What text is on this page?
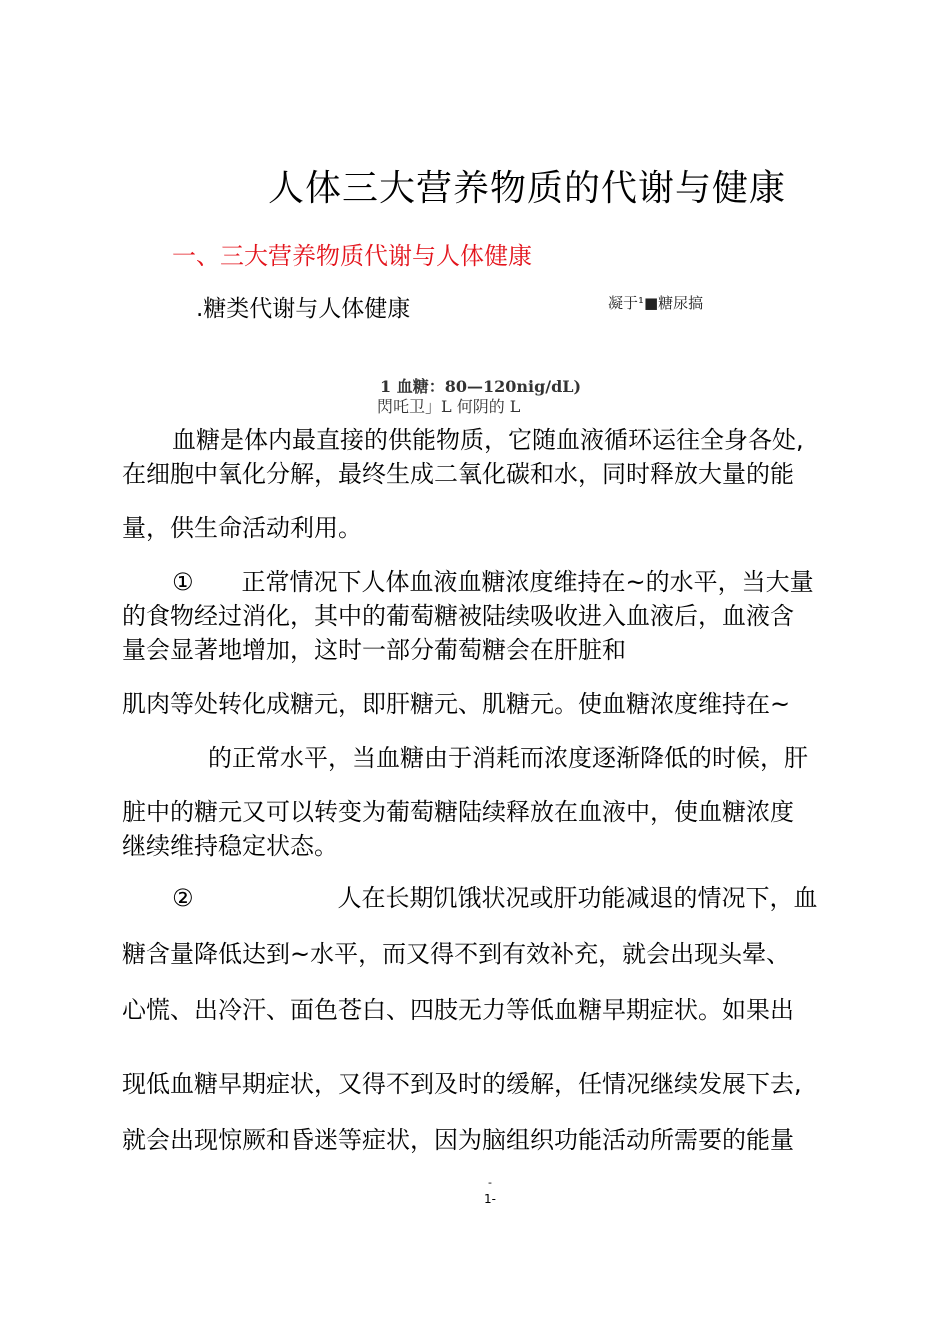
人体三大营养物质的代谢与健康
一、三大营养物质代谢与人体健康
.糖类代谢与人体健康	凝于¹■糖尿搞
1 血糖：80—120nig/dL)
閃吒卫」L 何阴的 L
血糖是体内最直接的供能物质，它随血液循环运往全身各处,
在细胞中氧化分解，最终生成二氧化碳和水，同时释放大量的能
量，供生命活动利用。
①　　正常情况下人体血液血糖浓度维持在~的水平，当大量
的食物经过消化，其中的葡萄糖被陆续吸收进入血液后，血液含
量会显著地增加，这时一部分葡萄糖会在肝脏和
肌肉等处转化成糖元，即肝糖元、肌糖元。使血糖浓度维持在~
的正常水平，当血糖由于消耗而浓度逐渐降低的时候，肝
脏中的糖元又可以转变为葡萄糖陆续释放在血液中，使血糖浓度
继续维持稳定状态。
②　　　　　　人在长期饥饿状况或肝功能减退的情况下，血
糖含量降低达到~水平，而又得不到有效补充，就会出现头晕、
心慌、出冷汗、面色苍白、四肢无力等低血糖早期症状。如果出
现低血糖早期症状，又得不到及时的缓解，任情况继续发展下去,
就会出现惊厥和昏迷等症状，因为脑组织功能活动所需要的能量
-
1-
